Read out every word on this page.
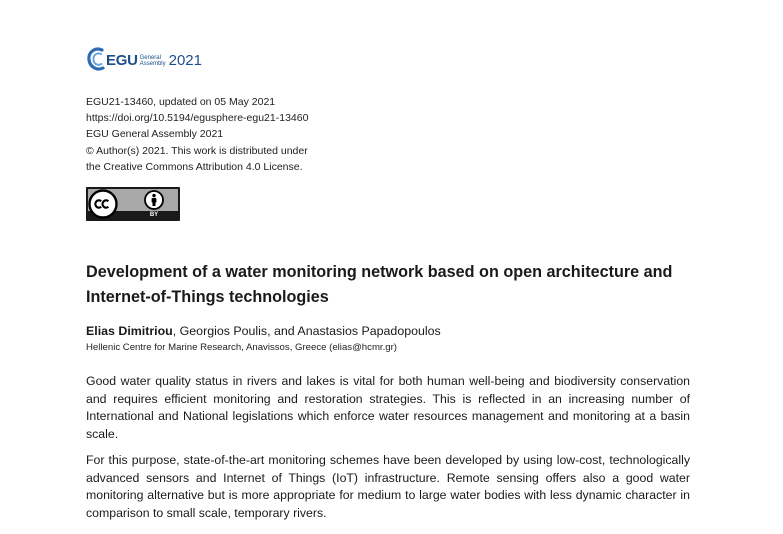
EGU General
Assembly 2021
EGU21-13460, updated on 05 May 2021
https://doi.org/10.5194/egusphere-egu21-13460
EGU General Assembly 2021
© Author(s) 2021. This work is distributed under
the Creative Commons Attribution 4.0 License.
BY
Development of a water monitoring network based on open architecture and Internet-of-Things technologies
Elias Dimitriou, Georgios Poulis, and Anastasios Papadopoulos
Hellenic Centre for Marine Research, Anavissos, Greece (elias@hcmr.gr)
Good water quality status in rivers and lakes is vital for both human well-being and biodiversity conservation and requires efficient monitoring and restoration strategies. This is reflected in an increasing number of International and National legislations which enforce water resources management and monitoring at a basin scale.
For this purpose, state-of-the-art monitoring schemes have been developed by using low-cost, technologically advanced sensors and Internet of Things (IoT) infrastructure. Remote sensing offers also a good water monitoring alternative but is more appropriate for medium to large water bodies with less dynamic character in comparison to small scale, temporary rivers.
